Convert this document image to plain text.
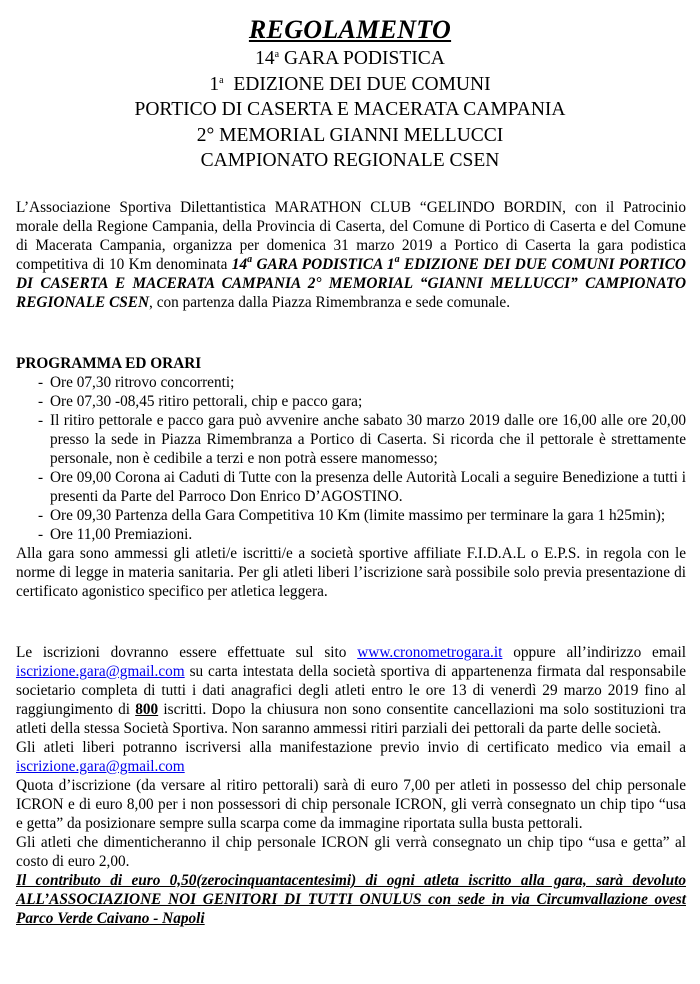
REGOLAMENTO
14$^a$ GARA PODISTICA
1$^a$ EDIZIONE DEI DUE COMUNI
PORTICO DI CASERTA E MACERATA CAMPANIA
2° MEMORIAL GIANNI MELLUCCI
CAMPIONATO REGIONALE CSEN

L’Associazione Sportiva Dilettantistica MARATHON CLUB “GELINDO BORDIN, con il Patrocinio morale della Regione Campania, della Provincia di Caserta, del Comune di Portico di Caserta e del Comune di Macerata Campania, organizza per domenica 31 marzo 2019 a Portico di Caserta la gara podistica competitiva di 10 Km denominata 14$^a$ GARA PODISTICA 1$^a$ EDIZIONE DEI DUE COMUNI PORTICO DI CASERTA E MACERATA CAMPANIA 2° MEMORIAL “GIANNI MELLUCCI” CAMPIONATO REGIONALE CSEN, con partenza dalla Piazza Rimembranza e sede comunale.

PROGRAMMA ED ORARI
- Ore 07,30 ritrovo concorrenti;
- Ore 07,30 -08,45 ritiro pettorali, chip e pacco gara;
- Il ritiro pettorale e pacco gara può avvenire anche sabato 30 marzo 2019 dalle ore 16,00 alle ore 20,00 presso la sede in Piazza Rimembranza a Portico di Caserta. Si ricorda che il pettorale è strettamente personale, non è cedibile a terzi e non potrà essere manomesso;
- Ore 09,00 Corona ai Caduti di Tutte con la presenza delle Autorità Locali a seguire Benedizione a tutti i presenti da Parte del Parroco Don Enrico D’AGOSTINO.
- Ore 09,30 Partenza della Gara Competitiva 10 Km (limite massimo per terminare la gara 1 h25min);
- Ore 11,00 Premiazioni.

Alla gara sono ammessi gli atleti/e iscritti/e a società sportive affiliate F.I.D.A.L o E.P.S. in regola con le norme di legge in materia sanitaria. Per gli atleti liberi l’iscrizione sarà possibile solo previa presentazione di certificato agonistico specifico per atletica leggera.

Le iscrizioni dovranno essere effettuate sul sito www.cronometrogara.it oppure all’indirizzo email iscrizione.gara@gmail.com su carta intestata della società sportiva di appartenenza firmata dal responsabile societario completa di tutti i dati anagrafici degli atleti entro le ore 13 di venerdì 29 marzo 2019 fino al raggiungimento di 800 iscritti. Dopo la chiusura non sono consentite cancellazioni ma solo sostituzioni tra atleti della stessa Società Sportiva. Non saranno ammessi ritiri parziali dei pettorali da parte delle società.

Gli atleti liberi potranno iscriversi alla manifestazione previo invio di certificato medico via email a iscrizione.gara@gmail.com

Quota d’iscrizione (da versare al ritiro pettorali) sarà di euro 7,00 per atleti in possesso del chip personale ICRON e di euro 8,00 per i non possessori di chip personale ICRON, gli verrà consegnato un chip tipo “usa e getta” da posizionare sempre sulla scarpa come da immagine riportata sulla busta pettorali.

Gli atleti che dimenticheranno il chip personale ICRON gli verrà consegnato un chip tipo “usa e getta” al costo di euro 2,00.

Il contributo di euro 0,50(zerocinquantacentesimi) di ogni atleta iscritto alla gara, sarà devoluto ALL’ASSOCIAZIONE NOI GENITORI DI TUTTI ONULUS con sede in via Circumvallazione ovest Parco Verde Caivano - Napoli
